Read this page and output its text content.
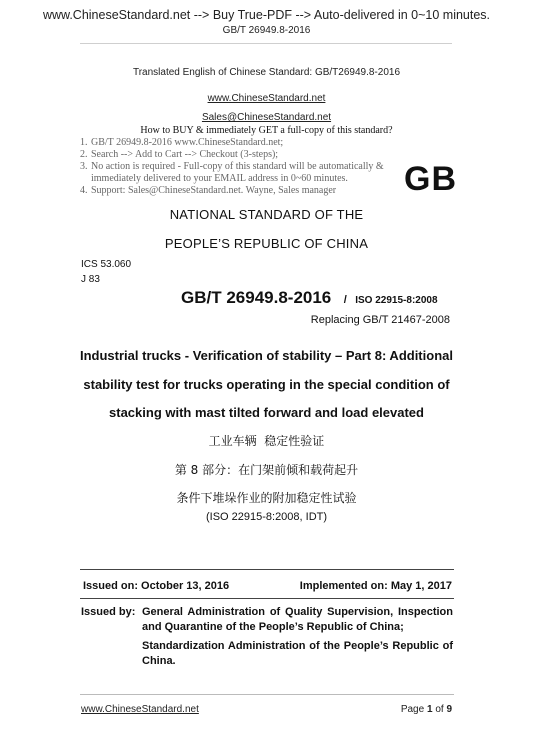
www.ChineseStandard.net --> Buy True-PDF --> Auto-delivered in 0~10 minutes.
GB/T 26949.8-2016
Translated English of Chinese Standard: GB/T26949.8-2016
www.ChineseStandard.net
Sales@ChineseStandard.net
How to BUY & immediately GET a full-copy of this standard?
1. GB/T 26949.8-2016 www.ChineseStandard.net;
2. Search --> Add to Cart --> Checkout (3-steps);
3. No action is required - Full-copy of this standard will be automatically & immediately delivered to your EMAIL address in 0~60 minutes.
4. Support: Sales@ChineseStandard.net. Wayne, Sales manager	GB
NATIONAL STANDARD OF THE
PEOPLE’S REPUBLIC OF CHINA
ICS 53.060
J 83
GB/T 26949.8-2016 / ISO 22915-8:2008
Replacing GB/T 21467-2008
Industrial trucks - Verification of stability – Part 8: Additional
stability test for trucks operating in the special condition of
stacking with mast tilted forward and load elevated
工业车辆  稳定性验证
第 8 部分：在门架前倾和载荷起升
条件下堆垛作业的附加稳定性试验
(ISO 22915-8:2008, IDT)
Issued on: October 13, 2016	Implemented on: May 1, 2017
Issued by: General Administration of Quality Supervision, Inspection and Quarantine of the People’s Republic of China;
Standardization Administration of the People’s Republic of China.
www.ChineseStandard.net	Page 1 of 9
